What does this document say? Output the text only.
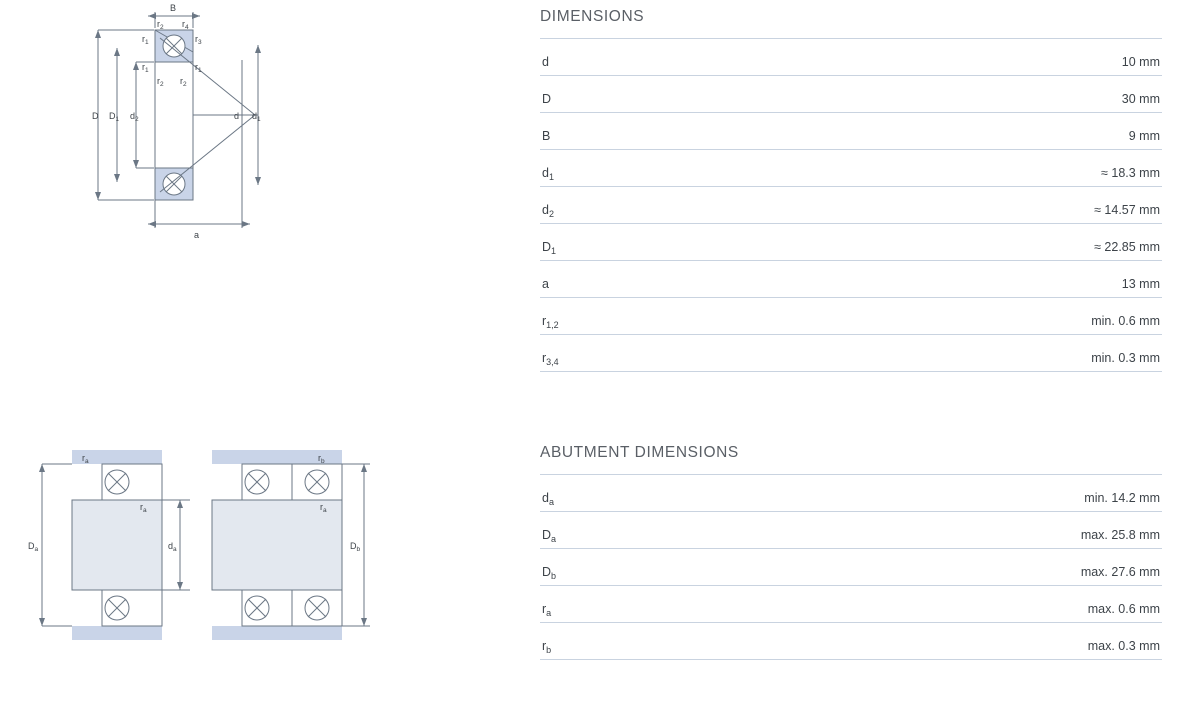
B
$r_2$ $r_4$
$r_1$	$r_3$
$r_1$
$r_2$ $r_2$
$r_1$
D $D_1$ $d_2$	d $d_1$
a
$r_a$
$r_a$
$D_a$	$d_a$
$r_b$
$r_a$
$D_b$
DIMENSIONS
d	10 mm
D	30 mm
B	9 mm
$d_1$	≈ 18.3 mm
$d_2$	≈ 14.57 mm
$D_1$	≈ 22.85 mm
a	13 mm
$r_{1,2}$	min. 0.6 mm
$r_{3,4}$	min. 0.3 mm
ABUTMENT DIMENSIONS
$d_a$	min. 14.2 mm
$D_a$	max. 25.8 mm
$D_b$	max. 27.6 mm
$r_a$	max. 0.6 mm
$r_b$	max. 0.3 mm
